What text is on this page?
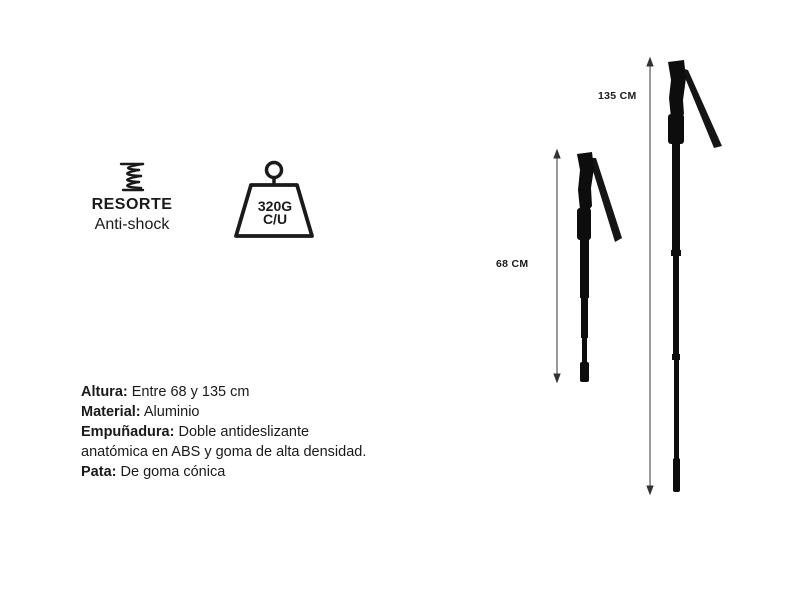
RESORTE
Anti-shock
320G
C/U
Altura: Entre 68 y 135 cm
Material: Aluminio
Empuñadura: Doble antideslizante
anatómica en ABS y goma de alta densidad.
Pata: De goma cónica
135 CM
68 CM
